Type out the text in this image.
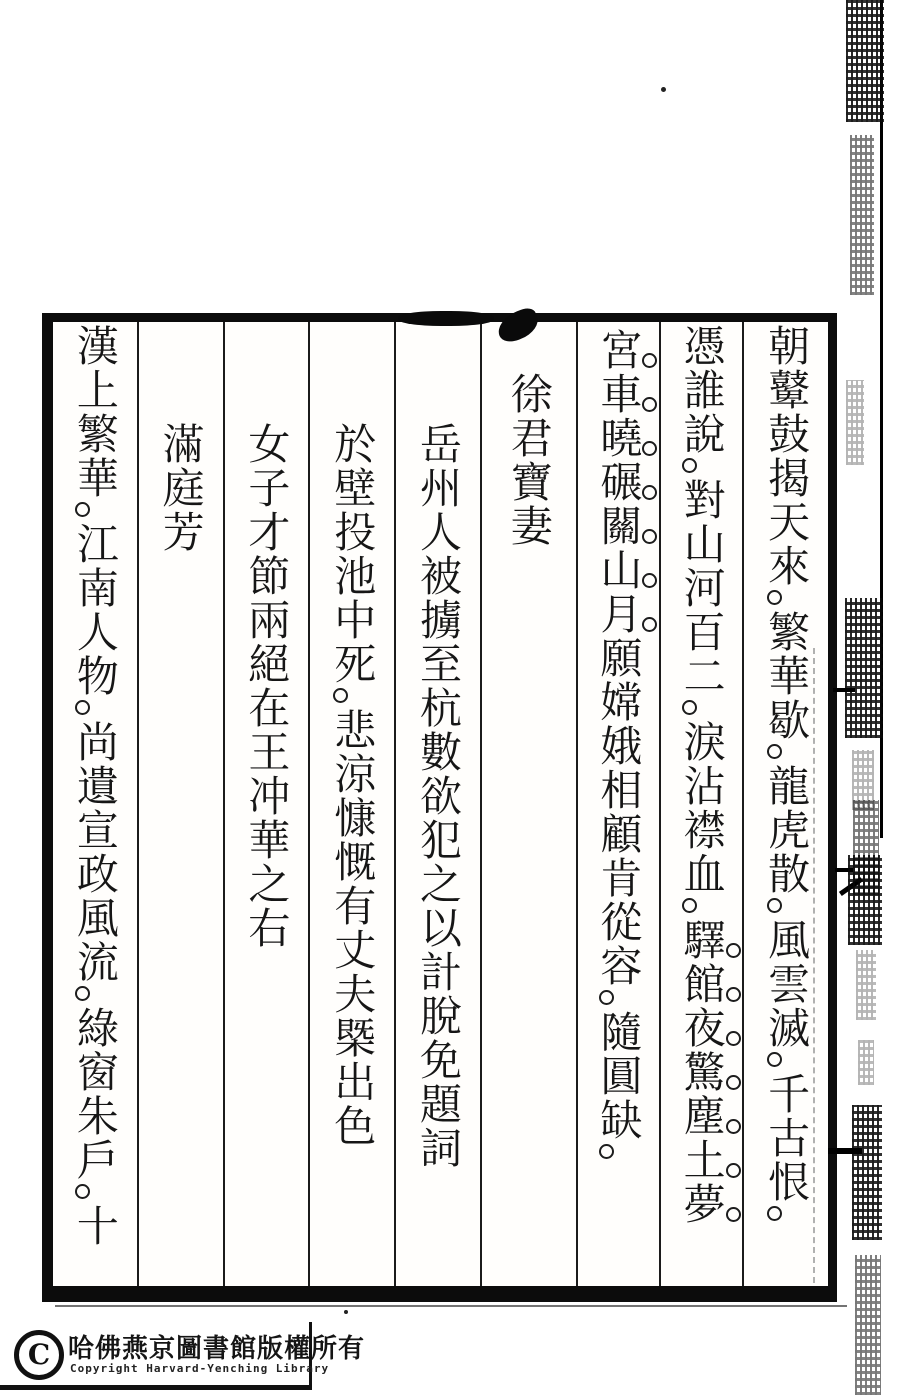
朝鼙鼓揭天來繁華歇龍虎散風雲滅千古恨
憑誰說對山河百二淚沾襟血驛館夜驚塵土夢
宮車曉碾關山月願嫦娥相顧肯從容隨圓缺
徐君寶妻
岳州人被擄至杭數欲犯之以計脫免題詞
於壁投池中死悲涼慷慨有丈夫槩出色
女子才節兩絕在王冲華之右
滿庭芳
漢上繁華江南人物尚遺宣政風流綠窗朱戶十
C 哈佛燕京圖書館版權所有
Copyright Harvard-Yenching Library
